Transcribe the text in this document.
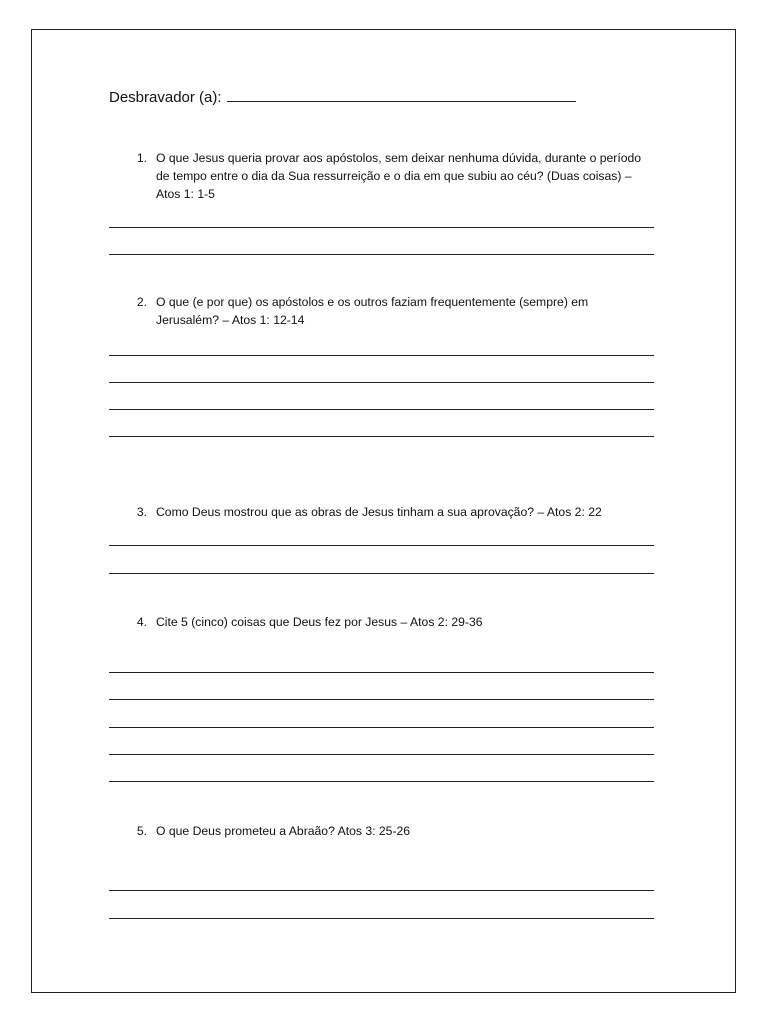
Desbravador (a):
1. O que Jesus queria provar aos apóstolos, sem deixar nenhuma dúvida, durante o período de tempo entre o dia da Sua ressurreição e o dia em que subiu ao céu? (Duas coisas) – Atos 1: 1-5
2. O que (e por que) os apóstolos e os outros faziam frequentemente (sempre) em Jerusalém? – Atos 1: 12-14
3. Como Deus mostrou que as obras de Jesus tinham a sua aprovação? – Atos 2: 22
4. Cite 5 (cinco) coisas que Deus fez por Jesus – Atos 2: 29-36
5. O que Deus prometeu a Abraão? Atos 3: 25-26
